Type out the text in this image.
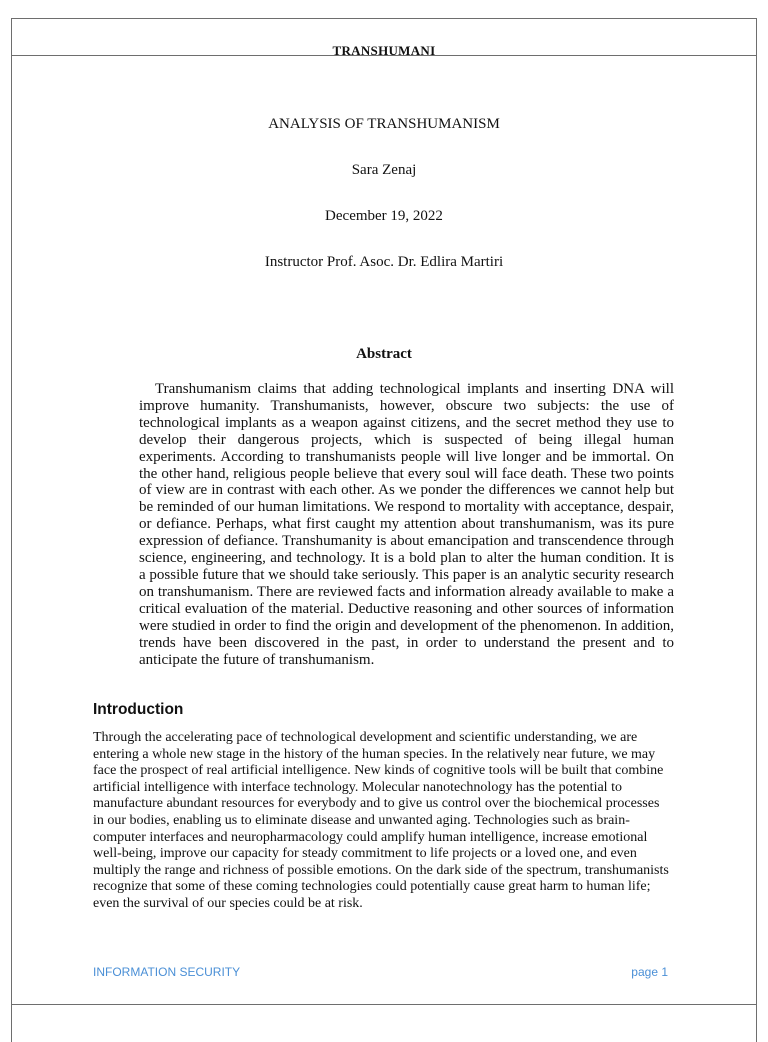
TRANSHUMANI
ANALYSIS OF TRANSHUMANISM
Sara Zenaj
December 19, 2022
Instructor Prof. Asoc. Dr. Edlira Martiri
Abstract

Transhumanism claims that adding technological implants and inserting DNA will improve humanity. Transhumanists, however, obscure two subjects: the use of technological implants as a weapon against citizens, and the secret method they use to develop their dangerous projects, which is suspected of being illegal human experiments. According to transhumanists people will live longer and be immortal. On the other hand, religious people believe that every soul will face death. These two points of view are in contrast with each other. As we ponder the differences we cannot help but be reminded of our human limitations. We respond to mortality with acceptance, despair, or defiance. Perhaps, what first caught my attention about transhumanism, was its pure expression of defiance. Transhumanity is about emancipation and transcendence through science, engineering, and technology. It is a bold plan to alter the human condition. It is a possible future that we should take seriously. This paper is an analytic security research on transhumanism. There are reviewed facts and information already available to make a critical evaluation of the material. Deductive reasoning and other sources of information were studied in order to find the origin and development of the phenomenon. In addition, trends have been discovered in the past, in order to understand the present and to anticipate the future of transhumanism.

Introduction

Through the accelerating pace of technological development and scientific understanding, we are entering a whole new stage in the history of the human species. In the relatively near future, we may face the prospect of real artificial intelligence. New kinds of cognitive tools will be built that combine artificial intelligence with interface technology. Molecular nanotechnology has the potential to manufacture abundant resources for everybody and to give us control over the biochemical processes in our bodies, enabling us to eliminate disease and unwanted aging. Technologies such as brain-computer interfaces and neuropharmacology could amplify human intelligence, increase emotional well-being, improve our capacity for steady commitment to life projects or a loved one, and even multiply the range and richness of possible emotions. On the dark side of the spectrum, transhumanists recognize that some of these coming technologies could potentially cause great harm to human life; even the survival of our species could be at risk.

INFORMATION SECURITY	page 1
